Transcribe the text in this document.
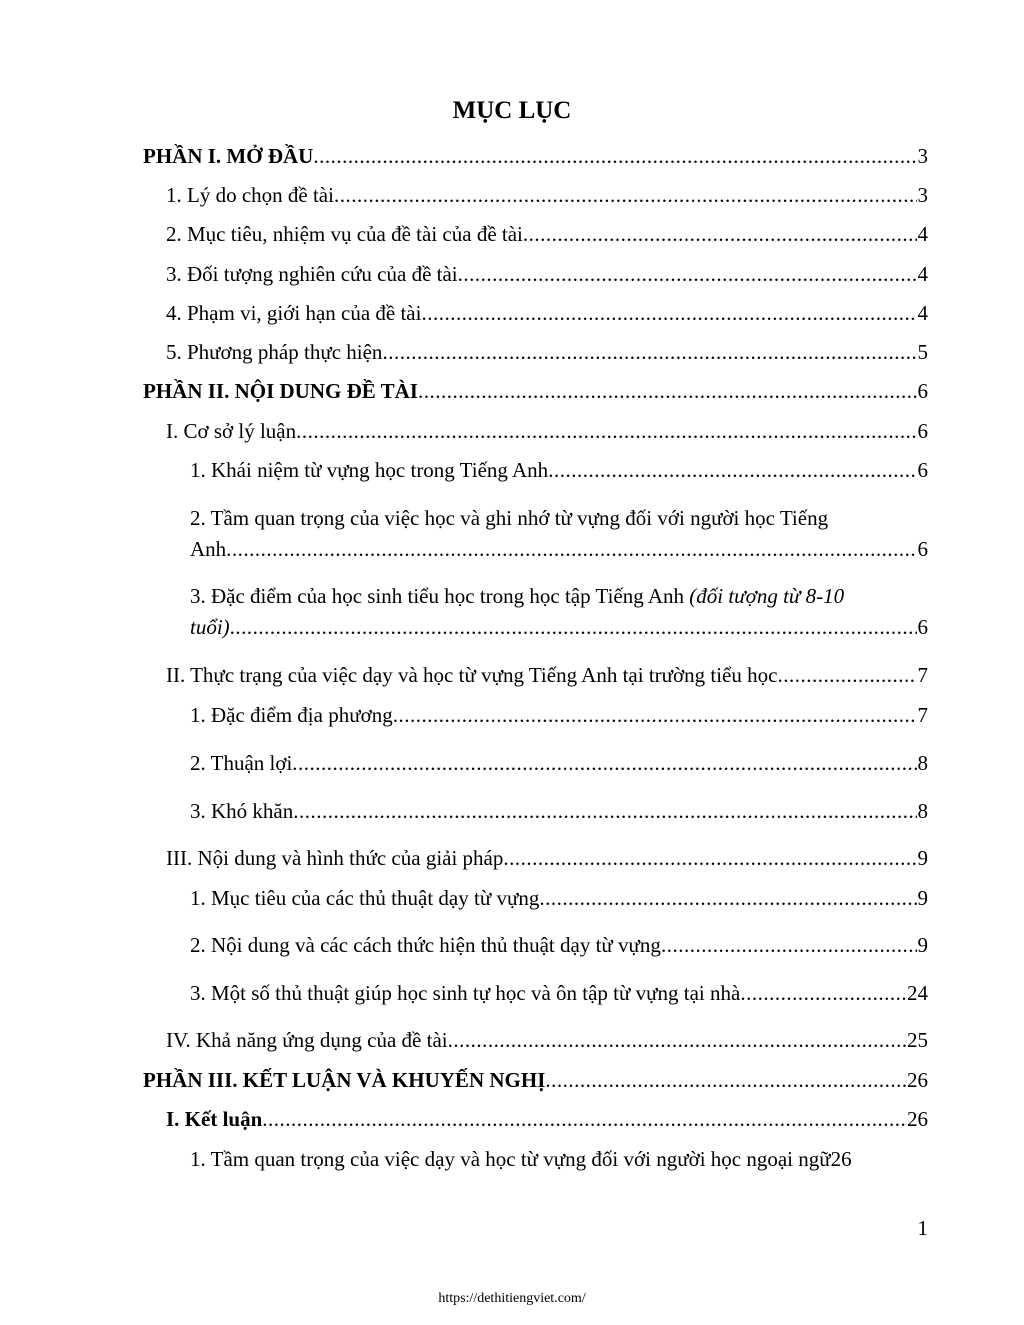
MỤC LỤC
PHẦN I. MỞ ĐẦU .....	3
1. Lý do chọn đề tài .....	3
2. Mục tiêu, nhiệm vụ của đề tài của đề tài .....	4
3. Đối tượng nghiên cứu của đề tài .....	4
4. Phạm vi, giới hạn của đề tài .....	4
5. Phương pháp thực hiện .....	5
PHẦN II. NỘI DUNG ĐỀ TÀI .....	6
I. Cơ sở lý luận .....	6
1. Khái niệm từ vựng học trong Tiếng Anh .....	6
2. Tầm quan trọng của việc học và ghi nhớ từ vựng đối với người học Tiếng
Anh .....	6
3. Đặc điểm của học sinh tiểu học trong học tập Tiếng Anh (đối tượng từ 8-10
tuổi) .....	6
II. Thực trạng của việc dạy và học từ vựng Tiếng Anh tại trường tiểu học .....	7
1. Đặc điểm địa phương .....	7
2. Thuận lợi .....	8
3. Khó khăn .....	8
III. Nội dung và hình thức của giải pháp .....	9
1. Mục tiêu của các thủ thuật dạy từ vựng .....	9
2. Nội dung và các cách thức hiện thủ thuật dạy từ vựng .....	9
3. Một số thủ thuật giúp học sinh tự học và ôn tập từ vựng tại nhà .....	24
IV. Khả năng ứng dụng của đề tài .....	25
PHẦN III. KẾT LUẬN VÀ KHUYẾN NGHỊ .....	26
I. Kết luận .....	26
1. Tầm quan trọng của việc dạy và học từ vựng đối với người học ngoại ngữ 26
1
https://dethitiengviet.com/
